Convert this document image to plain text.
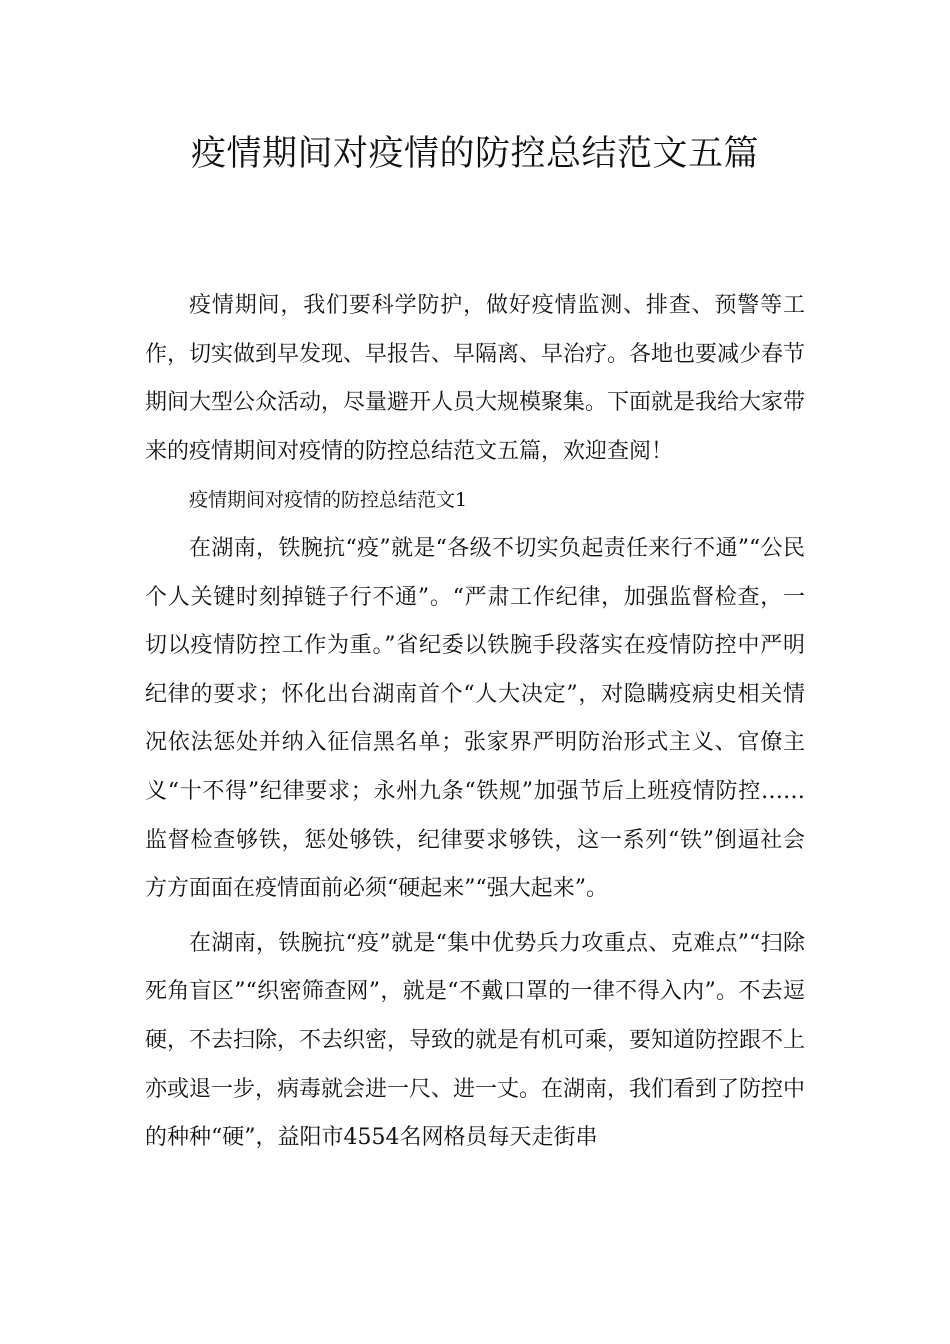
疫情期间对疫情的防控总结范文五篇

疫情期间，我们要科学防护，做好疫情监测、排查、预警等工作，切实做到早发现、早报告、早隔离、早治疗。各地也要减少春节期间大型公众活动，尽量避开人员大规模聚集。下面就是我给大家带来的疫情期间对疫情的防控总结范文五篇，欢迎查阅！

疫情期间对疫情的防控总结范文1

在湖南，铁腕抗“疫”就是“各级不切实负起责任来行不通”“公民个人关键时刻掉链子行不通”。“严肃工作纪律，加强监督检查，一切以疫情防控工作为重。”省纪委以铁腕手段落实在疫情防控中严明纪律的要求；怀化出台湖南首个“人大决定”，对隐瞒疫病史相关情况依法惩处并纳入征信黑名单；张家界严明防治形式主义、官僚主义“十不得”纪律要求；永州九条“铁规”加强节后上班疫情防控……监督检查够铁，惩处够铁，纪律要求够铁，这一系列“铁”倒逼社会方方面面在疫情面前必须“硬起来”“强大起来”。

在湖南，铁腕抗“疫”就是“集中优势兵力攻重点、克难点”“扫除死角盲区”“织密筛查网”，就是“不戴口罩的一律不得入内”。不去逗硬，不去扫除，不去织密，导致的就是有机可乘，要知道防控跟不上亦或退一步，病毒就会进一尺、进一丈。在湖南，我们看到了防控中的种种“硬”，益阳市4554名网格员每天走街串
